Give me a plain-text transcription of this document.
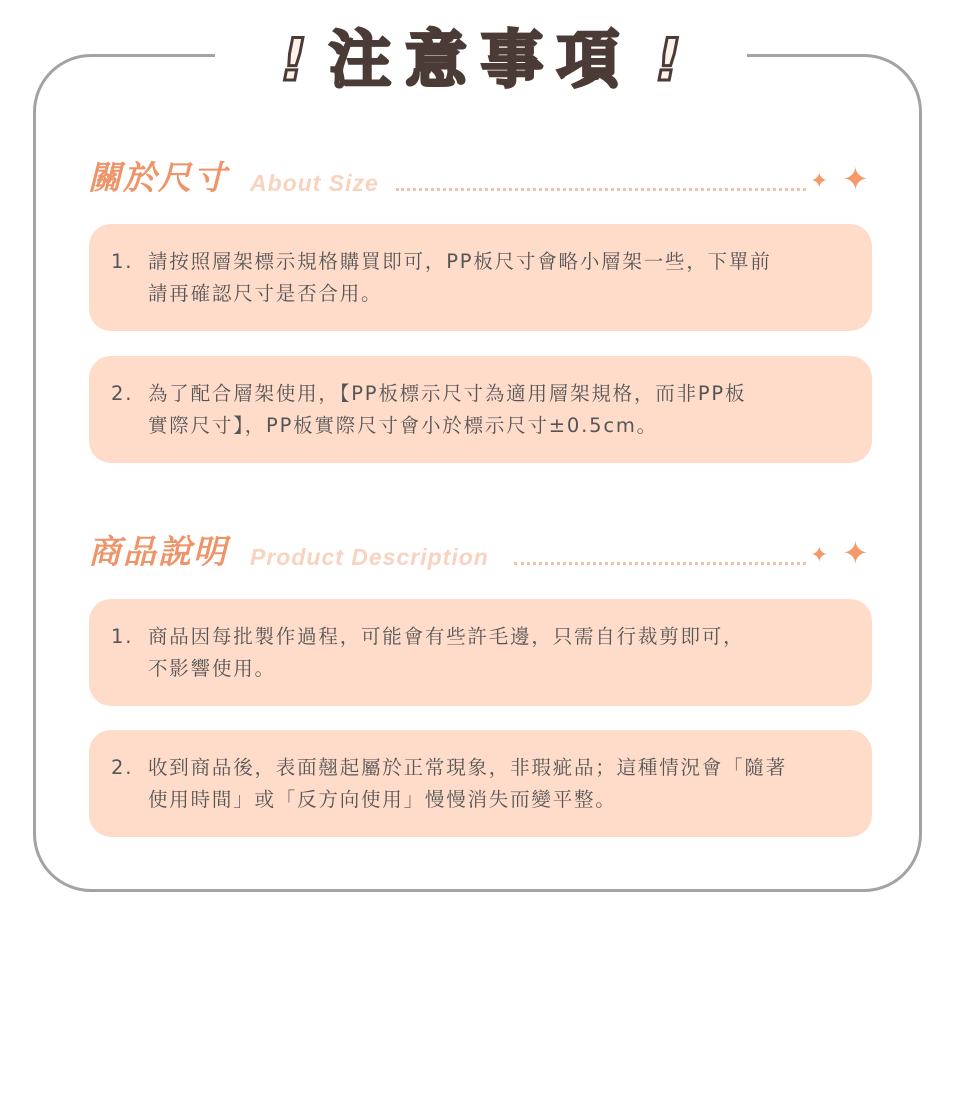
! 注意事項 !
關於尺寸 About Size	✦ ✦
1. 請按照層架標示規格購買即可，PP板尺寸會略小層架一些，下單前
請再確認尺寸是否合用。
2. 為了配合層架使用，【PP板標示尺寸為適用層架規格，而非PP板
實際尺寸】，PP板實際尺寸會小於標示尺寸±0.5cm。
商品說明 Product Description	✦ ✦
1. 商品因每批製作過程，可能會有些許毛邊，只需自行裁剪即可，
不影響使用。
2. 收到商品後，表面翹起屬於正常現象，非瑕疵品；這種情況會「隨著
使用時間」或「反方向使用」慢慢消失而變平整。
